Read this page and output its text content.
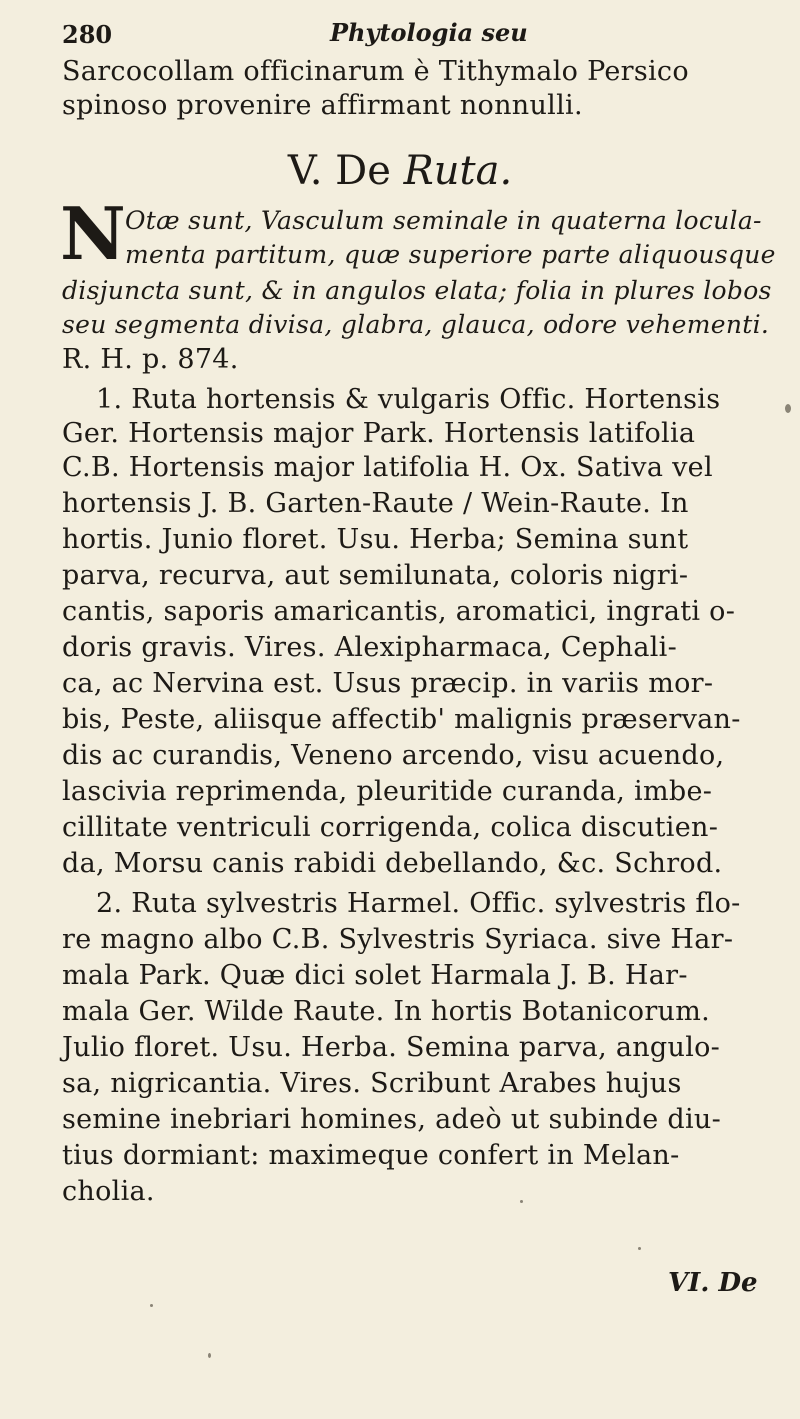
280	Phytologia seu
Sarcocollam officinarum è Tithymalo Persico
spinoso provenire affirmant nonnulli.
V. De Ruta.
N Otæ sunt, Vasculum seminale in quaterna locula-
menta partitum, quæ superiore parte aliquousque
disjuncta sunt, & in angulos elata; folia in plures lobos
seu segmenta divisa, glabra, glauca, odore vehementi.
R. H. p. 874.
1. Ruta hortensis & vulgaris Offic. Hortensis
Ger. Hortensis major Park. Hortensis latifolia
C.B. Hortensis major latifolia H. Ox. Sativa vel
hortensis J. B. Garten-Raute / Wein-Raute. In
hortis. Junio floret. Usu. Herba; Semina sunt
parva, recurva, aut semilunata, coloris nigri-
cantis, saporis amaricantis, aromatici, ingrati o-
doris gravis. Vires. Alexipharmaca, Cephali-
ca, ac Nervina est. Usus præcip. in variis mor-
bis, Peste, aliisque affectib' malignis præservan-
dis ac curandis, Veneno arcendo, visu acuendo,
lascivia reprimenda, pleuritide curanda, imbe-
cillitate ventriculi corrigenda, colica discutien-
da, Morsu canis rabidi debellando, &c. Schrod.
2. Ruta sylvestris Harmel. Offic. sylvestris flo-
re magno albo C.B. Sylvestris Syriaca. sive Har-
mala Park. Quæ dici solet Harmala J. B. Har-
mala Ger. Wilde Raute. In hortis Botanicorum.
Julio floret. Usu. Herba. Semina parva, angulo-
sa, nigricantia. Vires. Scribunt Arabes hujus
semine inebriari homines, adeò ut subinde diu-
tius dormiant: maximeque confert in Melan-
cholia.
VI. De
